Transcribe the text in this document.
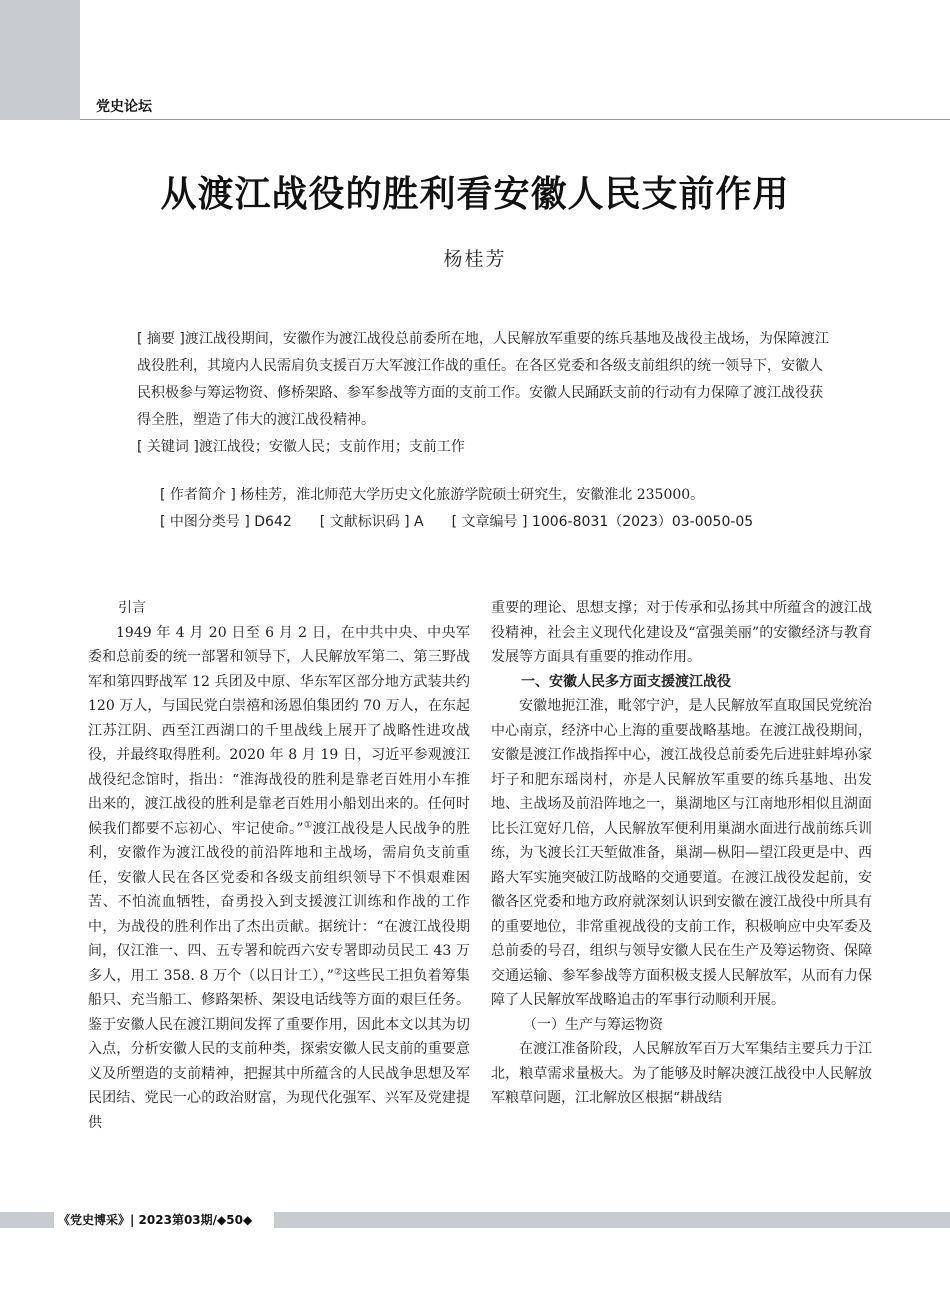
党史论坛
从渡江战役的胜利看安徽人民支前作用
杨桂芳

[ 摘要 ]渡江战役期间，安徽作为渡江战役总前委所在地，人民解放军重要的练兵基地及战役主战场，为保障渡江战役胜利，其境内人民需肩负支援百万大军渡江作战的重任。在各区党委和各级支前组织的统一领导下，安徽人民积极参与筹运物资、修桥架路、参军参战等方面的支前工作。安徽人民踊跃支前的行动有力保障了渡江战役获得全胜，塑造了伟大的渡江战役精神。

[ 关键词 ]渡江战役；安徽人民；支前作用；支前工作

[ 作者简介 ] 杨桂芳，淮北师范大学历史文化旅游学院硕士研究生，安徽淮北 235000。
[ 中图分类号 ] D642 [ 文献标识码 ] A [ 文章编号 ] 1006-8031（2023）03-0050-05

引言

1949 年 4 月 20 日至 6 月 2 日，在中共中央、中央军委和总前委的统一部署和领导下，人民解放军第二、第三野战军和第四野战军 12 兵团及中原、华东军区部分地方武装共约 120 万人，与国民党白崇禧和汤恩伯集团约 70 万人，在东起江苏江阴、西至江西湖口的千里战线上展开了战略性进攻战役，并最终取得胜利。2020 年 8 月 19 日，习近平参观渡江战役纪念馆时，指出：“淮海战役的胜利是靠老百姓用小车推出来的，渡江战役的胜利是靠老百姓用小船划出来的。任何时候我们都要不忘初心、牢记使命。”①渡江战役是人民战争的胜利，安徽作为渡江战役的前沿阵地和主战场，需肩负支前重任，安徽人民在各区党委和各级支前组织领导下不惧艰难困苦、不怕流血牺牲，奋勇投入到支援渡江训练和作战的工作中，为战役的胜利作出了杰出贡献。据统计：“在渡江战役期间，仅江淮一、四、五专署和皖西六安专署即动员民工 43 万多人，用工 358. 8 万个（以日计工），”②这些民工担负着筹集船只、充当船工、修路架桥、架设电话线等方面的艰巨任务。鉴于安徽人民在渡江期间发挥了重要作用，因此本文以其为切入点，分析安徽人民的支前种类，探索安徽人民支前的重要意义及所塑造的支前精神，把握其中所蕴含的人民战争思想及军民团结、党民一心的政治财富，为现代化强军、兴军及党建提供

重要的理论、思想支撑；对于传承和弘扬其中所蕴含的渡江战役精神，社会主义现代化建设及“富强美丽”的安徽经济与教育发展等方面具有重要的推动作用。

一、安徽人民多方面支援渡江战役

安徽地扼江淮，毗邻宁沪，是人民解放军直取国民党统治中心南京，经济中心上海的重要战略基地。在渡江战役期间，安徽是渡江作战指挥中心，渡江战役总前委先后进驻蚌埠孙家圩子和肥东瑶岗村，亦是人民解放军重要的练兵基地、出发地、主战场及前沿阵地之一，巢湖地区与江南地形相似且湖面比长江宽好几倍，人民解放军便利用巢湖水面进行战前练兵训练，为飞渡长江天堑做准备，巢湖—枞阳—望江段更是中、西路大军实施突破江防战略的交通要道。在渡江战役发起前，安徽各区党委和地方政府就深刻认识到安徽在渡江战役中所具有的重要地位，非常重视战役的支前工作，积极响应中央军委及总前委的号召，组织与领导安徽人民在生产及筹运物资、保障交通运输、参军参战等方面积极支援人民解放军，从而有力保障了人民解放军战略追击的军事行动顺利开展。

（一）生产与筹运物资

在渡江准备阶段，人民解放军百万大军集结主要兵力于江北，粮草需求量极大。为了能够及时解决渡江战役中人民解放军粮草问题，江北解放区根据“耕战结

《党史博采》| 2023第03期/◆50◆
